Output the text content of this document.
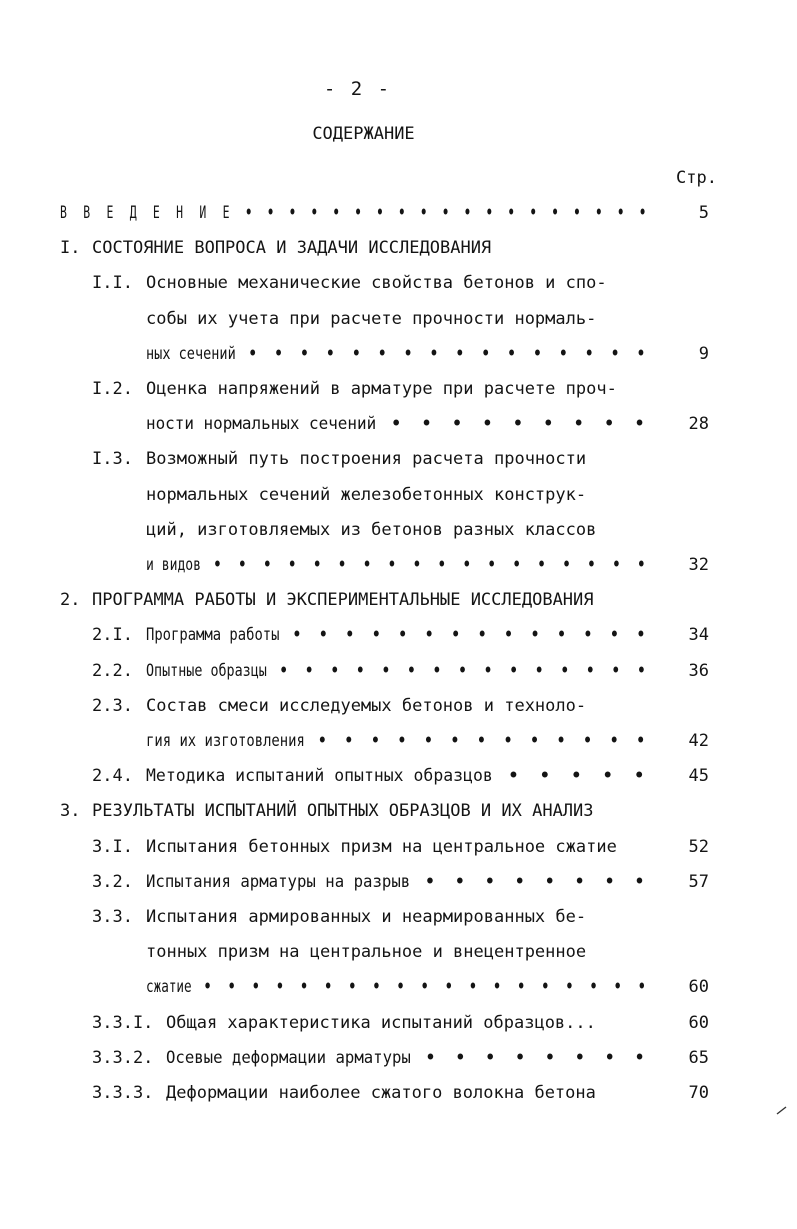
- 2 -
СОДЕРЖАНИЕ
Стр.
В В Е Д Е Н И Е • • • • • • • • • • • • • • • • • • •	5
I. СОСТОЯНИЕ ВОПРОСА И ЗАДАЧИ ИССЛЕДОВАНИЯ
I.I. Основные механические свойства бетонов и спо-
собы их учета при расчете прочности нормаль-
ных сечений • • • • • • • • • • • • • • • •	9
I.2. Оценка напряжений в арматуре при расчете проч-
ности нормальных сечений • • • • • • • • • 28
I.3. Возможный путь построения расчета прочности
нормальных сечений железобетонных конструк-
ций, изготовляемых из бетонов разных классов
и видов • • • • • • • • • • • • • • • • • • 32
2. ПРОГРАММА РАБОТЫ И ЭКСПЕРИМЕНТАЛЬНЫЕ ИССЛЕДОВАНИЯ
2.I. Программа работы • • • • • • • • • • • • • • 34
2.2. Опытные образцы • • • • • • • • • • • • • • • 36
2.3. Состав смеси исследуемых бетонов и техноло-
гия их изготовления • • • • • • • • • • • • • 42
2.4. Методика испытаний опытных образцов • • • • • 45
3. РЕЗУЛЬТАТЫ ИСПЫТАНИЙ ОПЫТНЫХ ОБРАЗЦОВ И ИХ АНАЛИЗ
3.I. Испытания бетонных призм на центральное сжатие	52
3.2. Испытания арматуры на разрыв • • • • • • • • 57
3.3. Испытания армированных и неармированных бе-
тонных призм на центральное и внецентренное
сжатие • • • • • • • • • • • • • • • • • • • 60
3.3.I. Общая характеристика испытаний образцов...	60
3.3.2. Осевые деформации арматуры • • • • • • • • 65
3.3.3. Деформации наиболее сжатого волокна бетона	70
